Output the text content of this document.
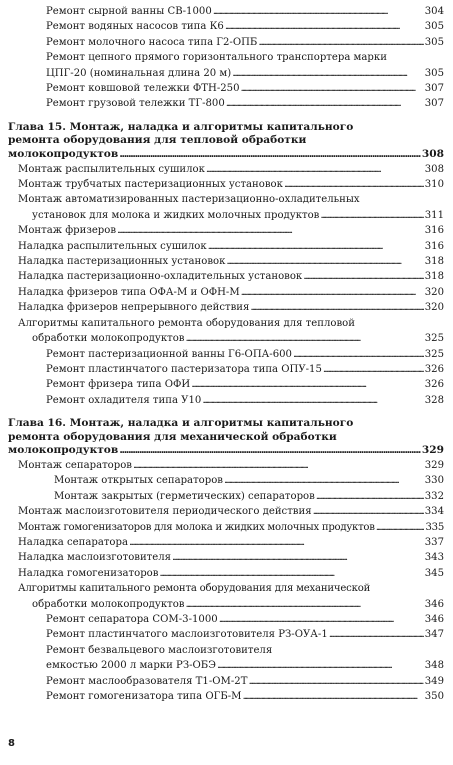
Ремонт сырной ванны СВ-1000 . . .	304
Ремонт водяных насосов типа К6 . . .	305
Ремонт молочного насоса типа Г2-ОПБ . . .	305
Ремонт цепного прямого горизонтального транспортера марки
ЦПГ-20 (номинальная длина 20 м) . . .	305
Ремонт ковшовой тележки ФТН-250 . . .	307
Ремонт грузовой тележки ТГ-800 . . .	307
Глава 15. Монтаж, наладка и алгоритмы капитального
ремонта оборудования для тепловой обработки
молокопродуктов . . .	308
Монтаж распылительных сушилок . . .	308
Монтаж трубчатых пастеризационных установок . . .	310
Монтаж автоматизированных пастеризационно-охладительных
установок для молока и жидких молочных продуктов . . .	311
Монтаж фризеров . . .	316
Наладка распылительных сушилок . . .	316
Наладка пастеризационных установок . . .	318
Наладка пастеризационно-охладительных установок . . .	318
Наладка фризеров типа ОФА-М и ОФН-М . . .	320
Наладка фризеров непрерывного действия . . .	320
Алгоритмы капитального ремонта оборудования для тепловой
обработки молокопродуктов . . .	325
Ремонт пастеризационной ванны Г6-ОПА-600 . . .	325
Ремонт пластинчатого пастеризатора типа ОПУ-15 . . .	326
Ремонт фризера типа ОФИ . . .	326
Ремонт охладителя типа У10 . . .	328
Глава 16. Монтаж, наладка и алгоритмы капитального
ремонта оборудования для механической обработки
молокопродуктов . . .	329
Монтаж сепараторов . . .	329
Монтаж открытых сепараторов . . .	330
Монтаж закрытых (герметических) сепараторов . . .	332
Монтаж маслоизготовителя периодического действия . . .	334
Монтаж гомогенизаторов для молока и жидких молочных продуктов . . .	335
Наладка сепаратора . . .	337
Наладка маслоизготовителя . . .	343
Наладка гомогенизаторов . . .	345
Алгоритмы капитального ремонта оборудования для механической
обработки молокопродуктов . . .	346
Ремонт сепаратора СОМ-3-1000 . . .	346
Ремонт пластинчатого маслоизготовителя РЗ-ОУА-1 . . .	347
Ремонт безвальцевого маслоизготовителя
емкостью 2000 л марки РЗ-ОБЭ . . .	348
Ремонт маслообразователя Т1-ОМ-2Т . . .	349
Ремонт гомогенизатора типа ОГБ-М . . .	350
8
